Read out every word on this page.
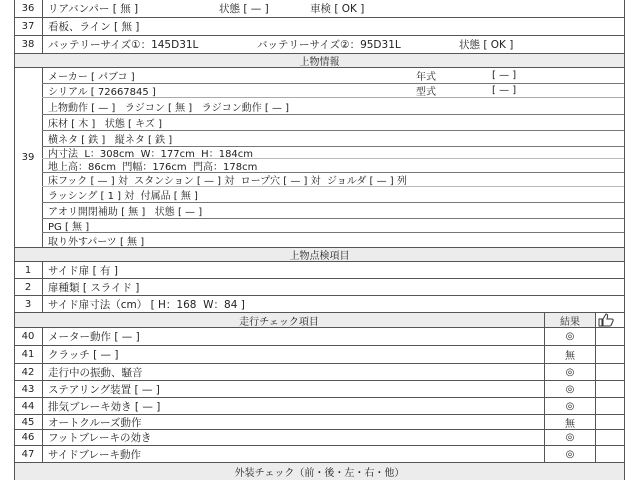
36	リアバンパー [ 無 ]	状態 [ — ]	車検 [ OK ]
37	看板、ライン [ 無 ]
38	バッテリーサイズ①：145D31L	バッテリーサイズ②：95D31L	状態 [ OK ]
上物情報
39
メーカー [ パブコ ]	年式	[ — ]
シリアル [ 72667845 ]	型式	[ — ]
上物動作 [ — ]   ラジコン [ 無 ]   ラジコン動作 [ — ]
床材 [ 木 ]   状態 [ キズ ]
横ネタ [ 鉄 ]   縦ネタ [ 鉄 ]
内寸法  L：308cm  W：177cm  H：184cm
地上高：86cm  門幅：176cm  門高：178cm
床フック [ — ] 対  スタンション [ — ] 対  ロープ穴 [ — ] 対  ジョルダ [ — ] 列
ラッシング [ 1 ] 対  付属品 [ 無 ]
アオリ開閉補助 [ 無 ]   状態 [ — ]
PG [ 無 ]
取り外すパーツ [ 無 ]
上物点検項目
1	サイド扉 [ 有 ]
2	扉種類 [ スライド ]
3	サイド扉寸法（cm） [ H：168  W：84 ]
走行チェック項目	結果
40	メーター動作 [ — ]	◎
41	クラッチ [ — ]	無
42	走行中の振動、騒音	◎
43	ステアリング装置 [ — ]	◎
44	排気ブレーキ効き [ — ]	◎
45	オートクルーズ動作	無
46	フットブレーキの効き	◎
47	サイドブレーキ動作	◎
外装チェック（前・後・左・右・他）
